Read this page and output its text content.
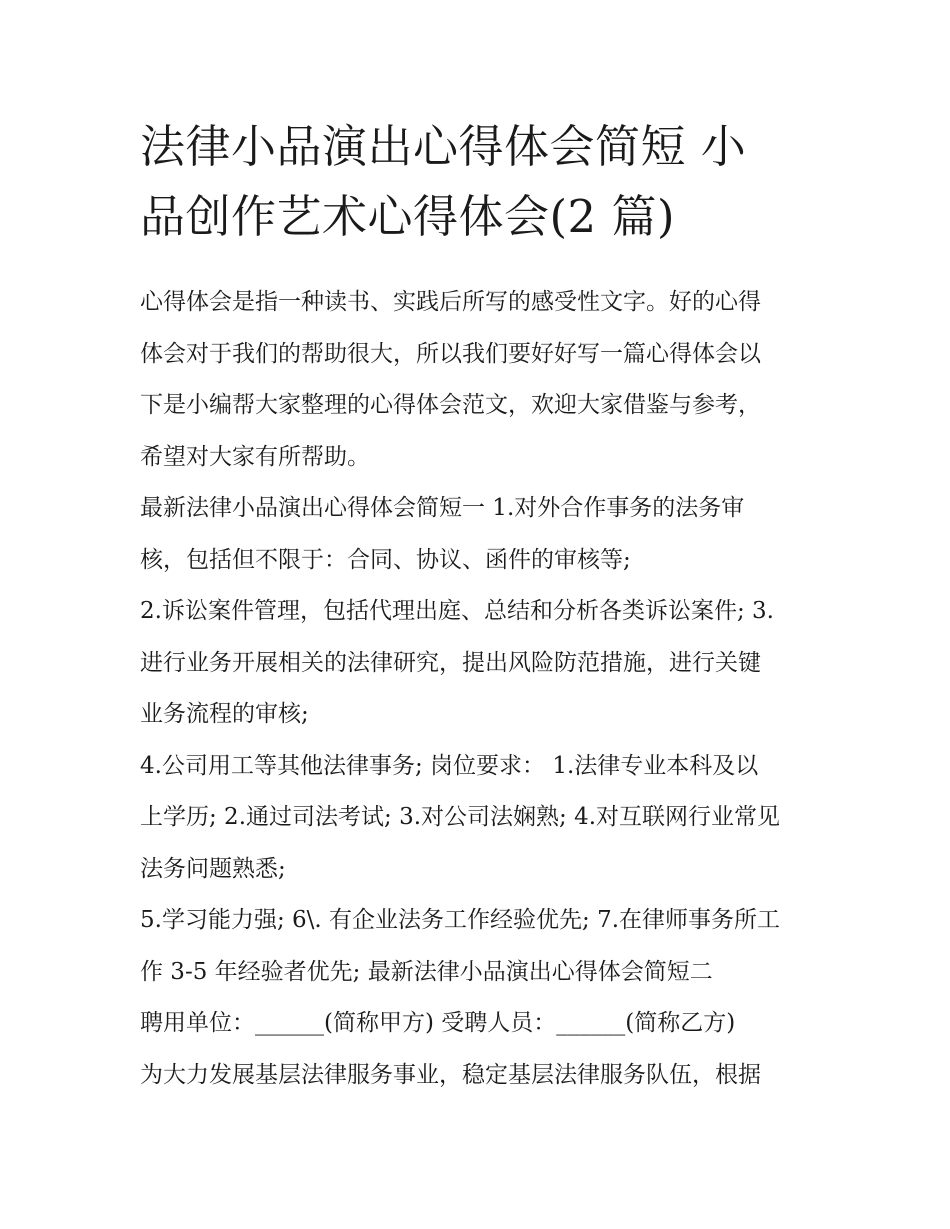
法律小品演出心得体会简短 小
品创作艺术心得体会(2 篇)

心得体会是指一种读书、实践后所写的感受性文字。好的心得
体会对于我们的帮助很大，所以我们要好好写一篇心得体会以
下是小编帮大家整理的心得体会范文，欢迎大家借鉴与参考，
希望对大家有所帮助。

最新法律小品演出心得体会简短一 1.对外合作事务的法务审
核，包括但不限于：合同、协议、函件的审核等;

2.诉讼案件管理，包括代理出庭、总结和分析各类诉讼案件; 3.
进行业务开展相关的法律研究，提出风险防范措施，进行关键
业务流程的审核;

4.公司用工等其他法律事务; 岗位要求： 1.法律专业本科及以
上学历; 2.通过司法考试; 3.对公司法娴熟; 4.对互联网行业常见
法务问题熟悉;

5.学习能力强; 6\. 有企业法务工作经验优先; 7.在律师事务所工
作 3-5 年经验者优先; 最新法律小品演出心得体会简短二
聘用单位：______(简称甲方) 受聘人员：______(简称乙方)
为大力发展基层法律服务事业，稳定基层法律服务队伍，根据
